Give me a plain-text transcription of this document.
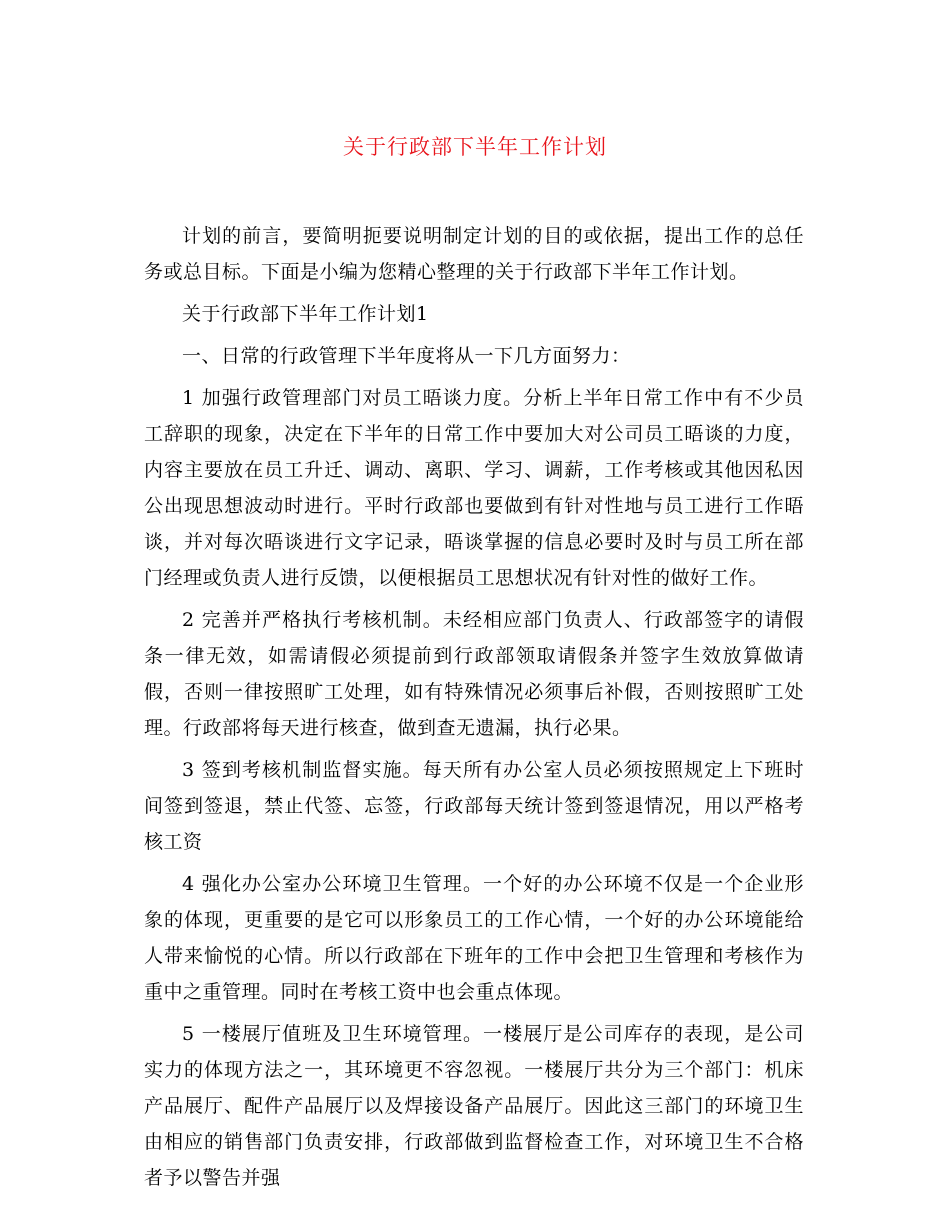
关于行政部下半年工作计划

计划的前言，要简明扼要说明制定计划的目的或依据，提出工作的总任务或总目标。下面是小编为您精心整理的关于行政部下半年工作计划。

关于行政部下半年工作计划1

一、日常的行政管理下半年度将从一下几方面努力：

1 加强行政管理部门对员工晤谈力度。分析上半年日常工作中有不少员工辞职的现象，决定在下半年的日常工作中要加大对公司员工晤谈的力度，内容主要放在员工升迁、调动、离职、学习、调薪，工作考核或其他因私因公出现思想波动时进行。平时行政部也要做到有针对性地与员工进行工作晤谈，并对每次晤谈进行文字记录，晤谈掌握的信息必要时及时与员工所在部门经理或负责人进行反馈，以便根据员工思想状况有针对性的做好工作。

2 完善并严格执行考核机制。未经相应部门负责人、行政部签字的请假条一律无效，如需请假必须提前到行政部领取请假条并签字生效放算做请假，否则一律按照旷工处理，如有特殊情况必须事后补假，否则按照旷工处理。行政部将每天进行核查，做到查无遗漏，执行必果。

3 签到考核机制监督实施。每天所有办公室人员必须按照规定上下班时间签到签退，禁止代签、忘签，行政部每天统计签到签退情况，用以严格考核工资

4 强化办公室办公环境卫生管理。一个好的办公环境不仅是一个企业形象的体现，更重要的是它可以形象员工的工作心情，一个好的办公环境能给人带来愉悦的心情。所以行政部在下班年的工作中会把卫生管理和考核作为重中之重管理。同时在考核工资中也会重点体现。

5 一楼展厅值班及卫生环境管理。一楼展厅是公司库存的表现，是公司实力的体现方法之一，其环境更不容忽视。一楼展厅共分为三个部门：机床产品展厅、配件产品展厅以及焊接设备产品展厅。因此这三部门的环境卫生由相应的销售部门负责安排，行政部做到监督检查工作，对环境卫生不合格者予以警告并强
